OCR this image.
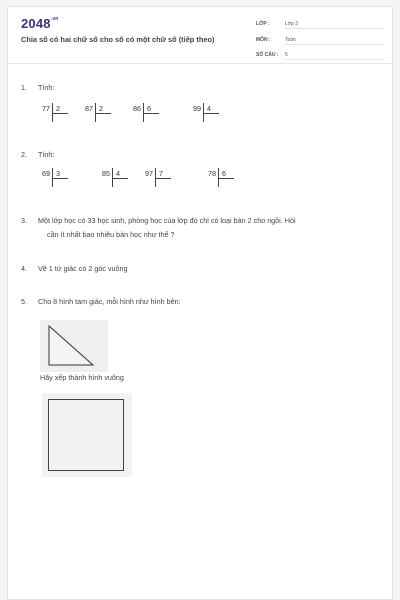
$2048^{.vn}$
Chia số có hai chữ số cho số có một chữ số (tiếp theo)
LỚP :	Lớp 3
MÔN :	Toán
SỐ CÂU : 5
1. Tính:
77 2	87 2	86 6	99 4
2. Tính:
69 3	85 4	97 7	78 6
3. Một lớp học có 33 học sinh, phòng học của lớp đó chỉ có loại bàn 2 cho ngồi. Hỏi
cần ít nhất bao nhiêu bàn học như thế ?
4. Vẽ 1 tứ giác có 2 góc vuông
5. Cho 8 hình tam giác, mỗi hình như hình bên:
Hãy xếp thành hình vuông
